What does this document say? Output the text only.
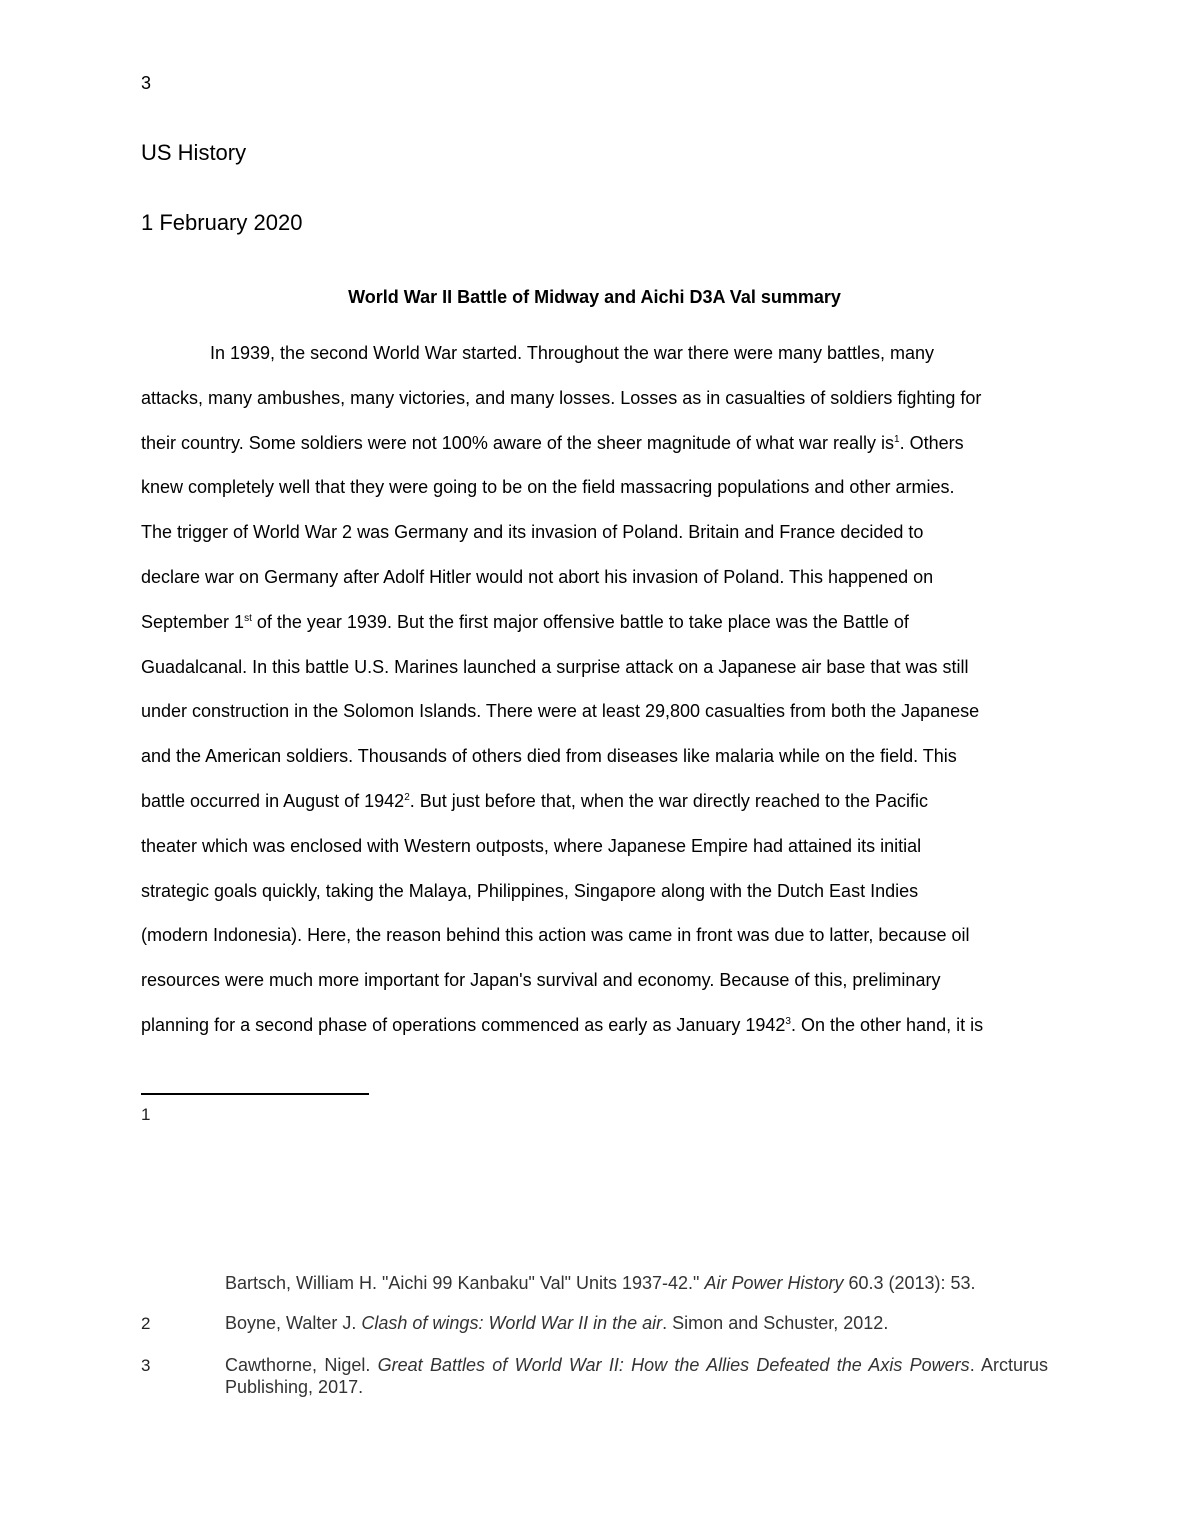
3
US History
1 February 2020
World War II Battle of Midway and Aichi D3A Val summary
In 1939, the second World War started. Throughout the war there were many battles, many
attacks, many ambushes, many victories, and many losses. Losses as in casualties of soldiers fighting for
their country. Some soldiers were not 100% aware of the sheer magnitude of what war really $is^1$. Others
knew completely well that they were going to be on the field massacring populations and other armies.
The trigger of World War 2 was Germany and its invasion of Poland. Britain and France decided to
declare war on Germany after Adolf Hitler would not abort his invasion of Poland. This happened on
September 1st of the year 1939. But the first major offensive battle to take place was the Battle of
Guadalcanal. In this battle U.S. Marines launched a surprise attack on a Japanese air base that was still
under construction in the Solomon Islands. There were at least 29,800 casualties from both the Japanese
and the American soldiers. Thousands of others died from diseases like malaria while on the field. This
battle occurred in August of 1942$^2$. But just before that, when the war directly reached to the Pacific
theater which was enclosed with Western outposts, where Japanese Empire had attained its initial
strategic goals quickly, taking the Malaya, Philippines, Singapore along with the Dutch East Indies
(modern Indonesia). Here, the reason behind this action was came in front was due to latter, because oil
resources were much more important for Japan's survival and economy. Because of this, preliminary
planning for a second phase of operations commenced as early as January 1942$^3$. On the other hand, it is
1
Bartsch, William H. "Aichi 99 Kanbaku" Val" Units 1937-42." Air Power History 60.3 (2013): 53.
2	Boyne, Walter J. Clash of wings: World War II in the air. Simon and Schuster, 2012.
3	Cawthorne, Nigel. Great Battles of World War II: How the Allies Defeated the Axis Powers. Arcturus Publishing, 2017.
